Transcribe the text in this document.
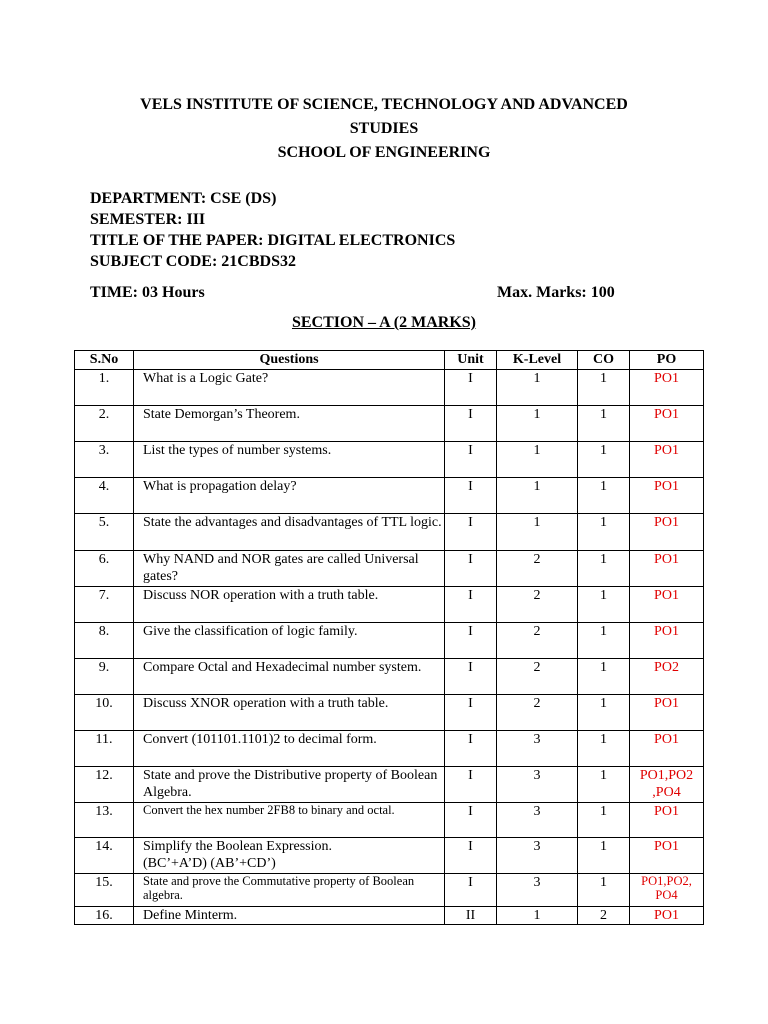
VELS INSTITUTE OF SCIENCE, TECHNOLOGY AND ADVANCED
STUDIES
SCHOOL OF ENGINEERING
DEPARTMENT: CSE (DS)
SEMESTER: III
TITLE OF THE PAPER: DIGITAL ELECTRONICS
SUBJECT CODE: 21CBDS32
TIME: 03 Hours	Max. Marks: 100
SECTION – A (2 MARKS)
S.No	Questions	Unit	K-Level	CO	PO
1.	What is a Logic Gate?	I	1	1	PO1
2.	State Demorgan’s Theorem.	I	1	1	PO1
3.	List the types of number systems.	I	1	1	PO1
4.	What is propagation delay?	I	1	1	PO1
5.	State the advantages and disadvantages of TTL logic.	I	1	1	PO1
6.	Why NAND and NOR gates are called Universal gates?	I	2	1	PO1
7.	Discuss NOR operation with a truth table.	I	2	1	PO1
8.	Give the classification of logic family.	I	2	1	PO1
9.	Compare Octal and Hexadecimal number system.	I	2	1	PO2
10.	Discuss XNOR operation with a truth table.	I	2	1	PO1
11.	Convert (101101.1101)2 to decimal form.	I	3	1	PO1
12.	State and prove the Distributive property of Boolean Algebra.	I	3	1	PO1,PO2 ,PO4
13.	Convert the hex number 2FB8 to binary and octal.	I	3	1	PO1
14.	Simplify the Boolean Expression.
(BC’+A’D) (AB’+CD’)	I	3	1	PO1
15.	State and prove the Commutative property of Boolean algebra.	I	3	1	PO1,PO2, PO4
16.	Define Minterm.	II	1	2	PO1
